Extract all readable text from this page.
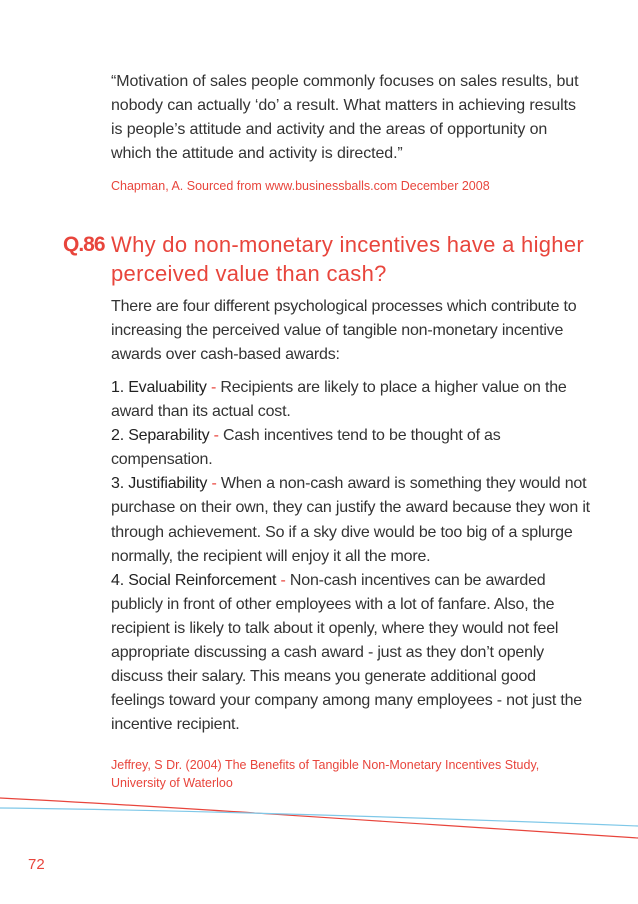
“Motivation of sales people commonly focuses on sales results, but nobody can actually ‘do’ a result. What matters in achieving results is people’s attitude and activity and the areas of opportunity on which the attitude and activity is directed.”

Chapman, A. Sourced from www.businessballs.com December 2008

Q.86 Why do non-monetary incentives have a higher perceived value than cash?

There are four different psychological processes which contribute to increasing the perceived value of tangible non-monetary incentive awards over cash-based awards:

1. Evaluability - Recipients are likely to place a higher value on the award than its actual cost.
2. Separability - Cash incentives tend to be thought of as compensation.
3. Justifiability - When a non-cash award is something they would not purchase on their own, they can justify the award because they won it through achievement. So if a sky dive would be too big of a splurge normally, the recipient will enjoy it all the more.
4. Social Reinforcement - Non-cash incentives can be awarded publicly in front of other employees with a lot of fanfare. Also, the recipient is likely to talk about it openly, where they would not feel appropriate discussing a cash award - just as they don’t openly discuss their salary. This means you generate additional good feelings toward your company among many employees - not just the incentive recipient.

Jeffrey, S Dr. (2004) The Benefits of Tangible Non-Monetary Incentives Study, University of Waterloo

72
